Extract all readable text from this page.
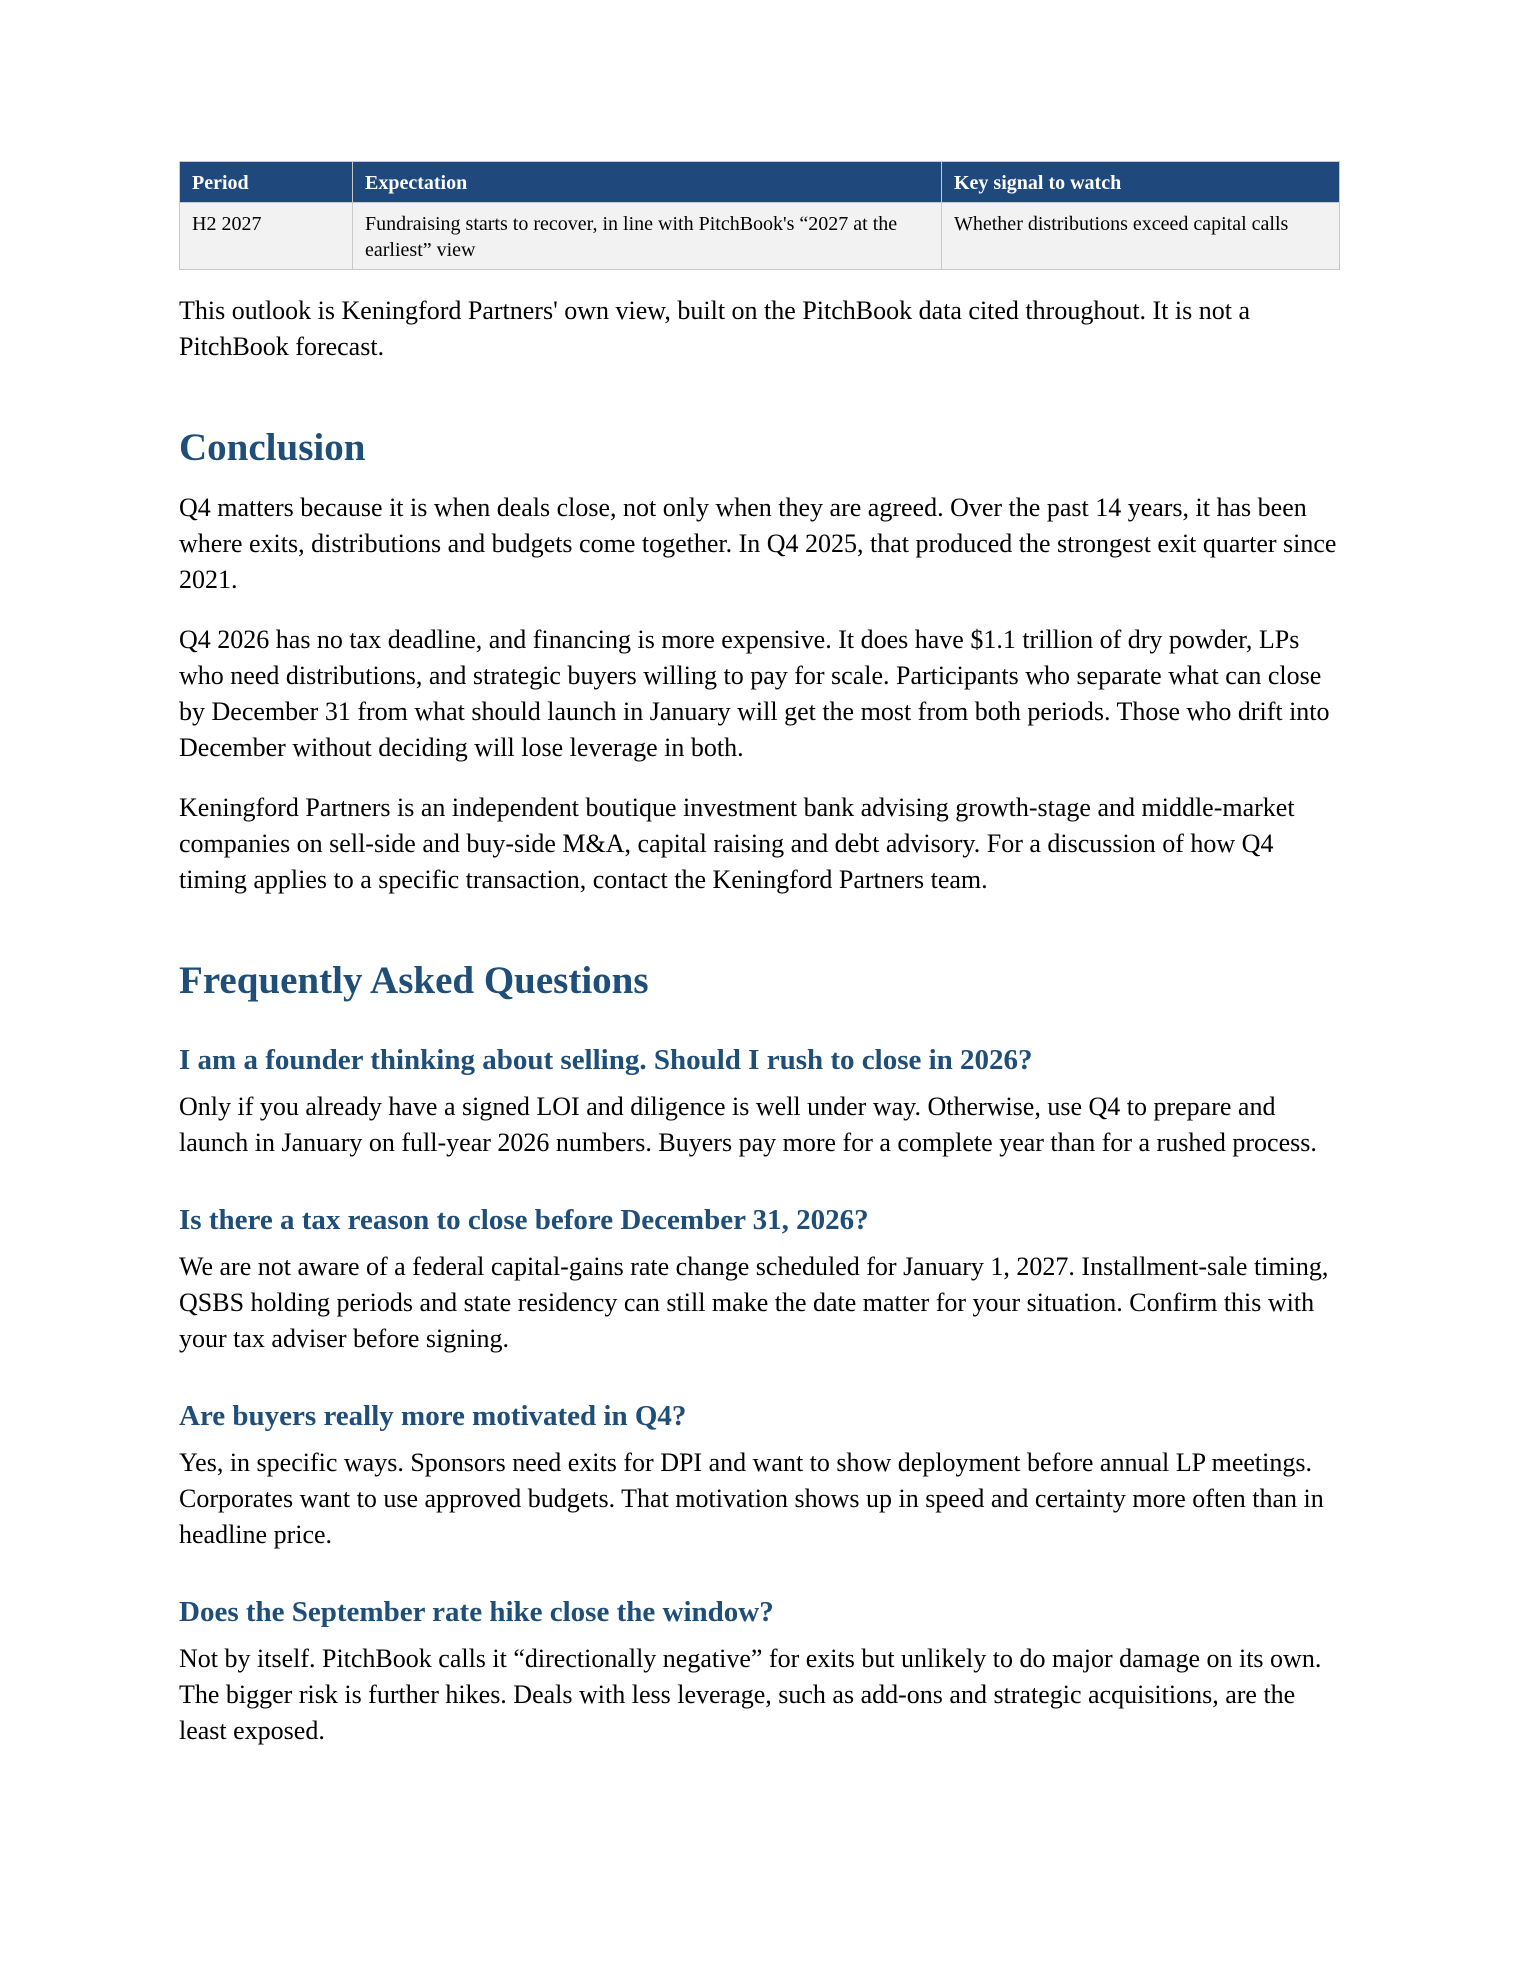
Period	Expectation	Key signal to watch
H2 2027	Fundraising starts to recover, in line with PitchBook's “2027 at the earliest” view	Whether distributions exceed capital calls

This outlook is Keningford Partners' own view, built on the PitchBook data cited throughout. It is not a PitchBook forecast.

Conclusion

Q4 matters because it is when deals close, not only when they are agreed. Over the past 14 years, it has been where exits, distributions and budgets come together. In Q4 2025, that produced the strongest exit quarter since 2021.

Q4 2026 has no tax deadline, and financing is more expensive. It does have $1.1 trillion of dry powder, LPs who need distributions, and strategic buyers willing to pay for scale. Participants who separate what can close by December 31 from what should launch in January will get the most from both periods. Those who drift into December without deciding will lose leverage in both.

Keningford Partners is an independent boutique investment bank advising growth-stage and middle-market companies on sell-side and buy-side M&A, capital raising and debt advisory. For a discussion of how Q4 timing applies to a specific transaction, contact the Keningford Partners team.

Frequently Asked Questions
I am a founder thinking about selling. Should I rush to close in 2026?

Only if you already have a signed LOI and diligence is well under way. Otherwise, use Q4 to prepare and launch in January on full-year 2026 numbers. Buyers pay more for a complete year than for a rushed process.

Is there a tax reason to close before December 31, 2026?

We are not aware of a federal capital-gains rate change scheduled for January 1, 2027. Installment-sale timing, QSBS holding periods and state residency can still make the date matter for your situation. Confirm this with your tax adviser before signing.

Are buyers really more motivated in Q4?

Yes, in specific ways. Sponsors need exits for DPI and want to show deployment before annual LP meetings. Corporates want to use approved budgets. That motivation shows up in speed and certainty more often than in headline price.

Does the September rate hike close the window?

Not by itself. PitchBook calls it “directionally negative” for exits but unlikely to do major damage on its own. The bigger risk is further hikes. Deals with less leverage, such as add-ons and strategic acquisitions, are the least exposed.
